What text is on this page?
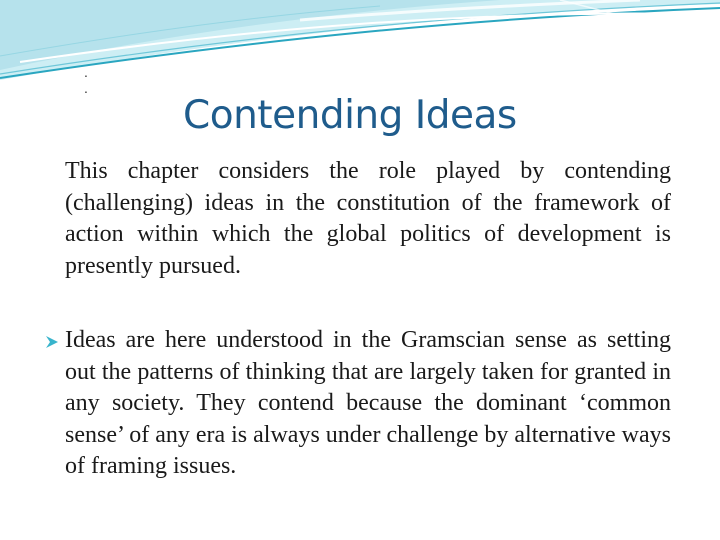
.
.
Contending Ideas
This chapter considers the role played by contending (challenging) ideas in the constitution of the framework of action within which the global politics of development is presently pursued.
Ideas are here understood in the Gramscian sense as setting out the patterns of thinking that are largely taken for granted in any society. They contend because the dominant ‘common sense’ of any era is always under challenge by alternative ways of framing issues.
